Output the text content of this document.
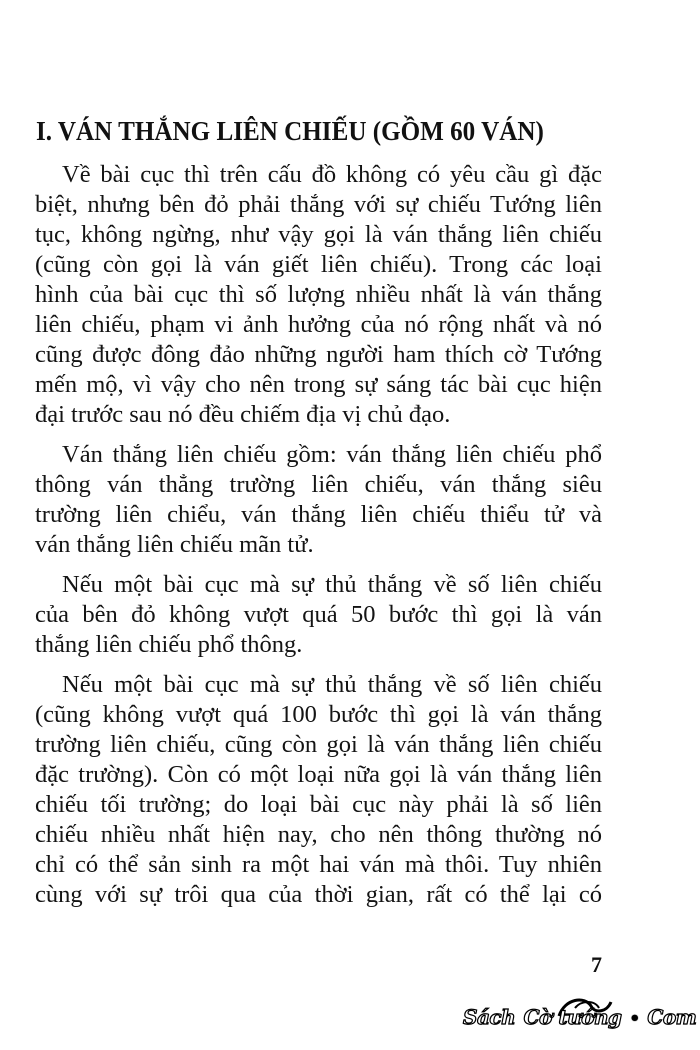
I. VÁN THẮNG LIÊN CHIẾU (GỒM 60 VÁN)
Về bài cục thì trên cấu đồ không có yêu cầu gì đặc
biệt, nhưng bên đỏ phải thắng với sự chiếu Tướng liên
tục, không ngừng, như vậy gọi là ván thắng liên chiếu
(cũng còn gọi là ván giết liên chiếu). Trong các loại
hình của bài cục thì số lượng nhiều nhất là ván thắng
liên chiếu, phạm vi ảnh hưởng của nó rộng nhất và nó
cũng được đông đảo những người ham thích cờ Tướng
mến mộ, vì vậy cho nên trong sự sáng tác bài cục hiện
đại trước sau nó đều chiếm địa vị chủ đạo.
Ván thắng liên chiếu gồm: ván thắng liên chiếu phổ
thông ván thẳng trường liên chiếu, ván thắng siêu
trường liên chiểu, ván thắng liên chiếu thiểu tử và
ván thắng liên chiếu mãn tử.
Nếu một bài cục mà sự thủ thắng về số liên chiếu
của bên đỏ không vượt quá 50 bước thì gọi là ván
thắng liên chiếu phổ thông.
Nếu một bài cục mà sự thủ thắng về số liên chiếu
(cũng không vượt quá 100 bước thì gọi là ván thắng
trường liên chiếu, cũng còn gọi là ván thắng liên chiếu
đặc trường). Còn có một loại nữa gọi là ván thắng liên
chiếu tối trường; do loại bài cục này phải là số liên
chiếu nhiều nhất hiện nay, cho nên thông thường nó
chỉ có thể sản sinh ra một hai ván mà thôi. Tuy nhiên
cùng với sự trôi qua của thời gian, rất có thể lại có
7
Sách Cờ tướng • Com
